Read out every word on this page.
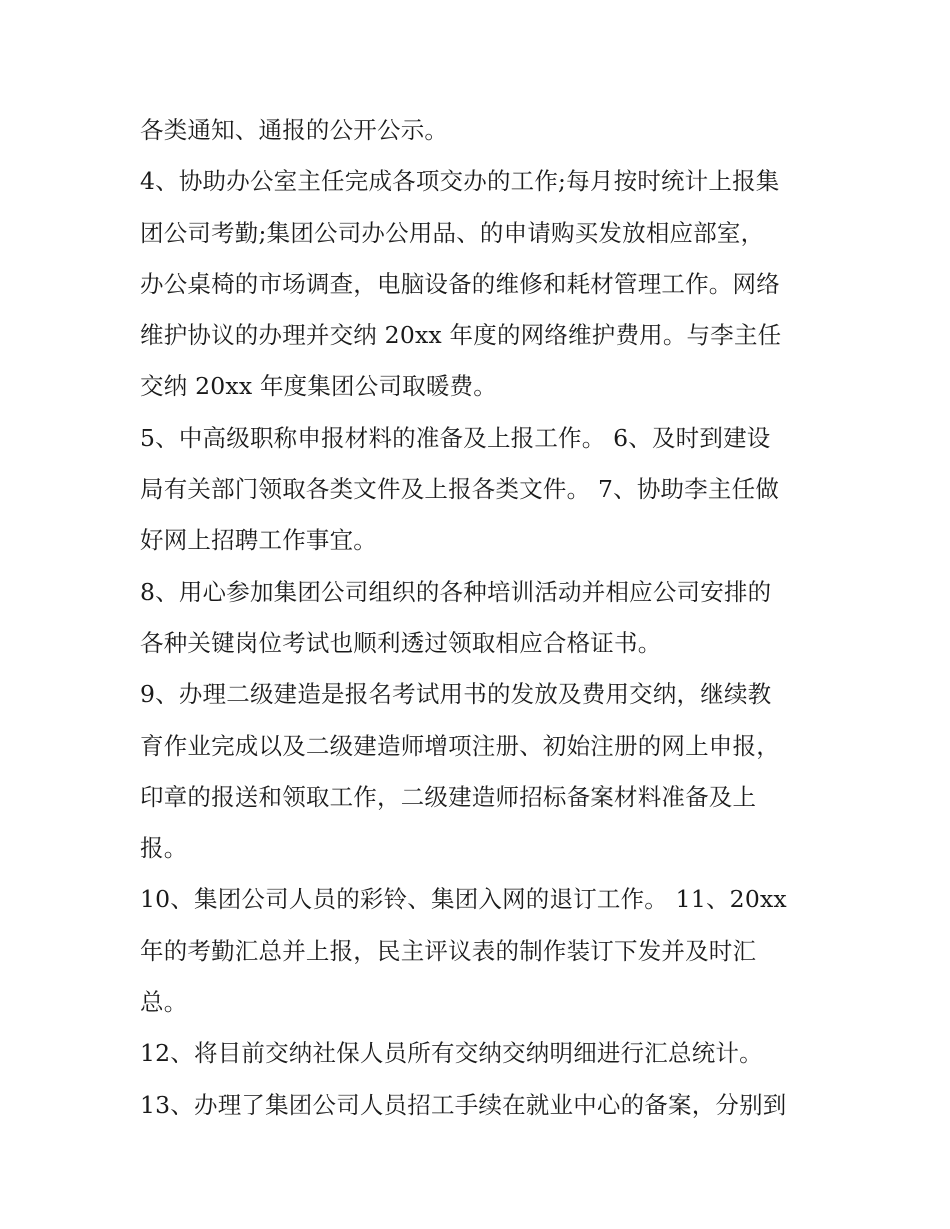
各类通知、通报的公开公示。
4、协助办公室主任完成各项交办的工作;每月按时统计上报集
团公司考勤;集团公司办公用品、的申请购买发放相应部室，
办公桌椅的市场调查，电脑设备的维修和耗材管理工作。网络
维护协议的办理并交纳 20xx 年度的网络维护费用。与李主任
交纳 20xx 年度集团公司取暖费。
5、中高级职称申报材料的准备及上报工作。 6、及时到建设
局有关部门领取各类文件及上报各类文件。 7、协助李主任做
好网上招聘工作事宜。
8、用心参加集团公司组织的各种培训活动并相应公司安排的
各种关键岗位考试也顺利透过领取相应合格证书。
9、办理二级建造是报名考试用书的发放及费用交纳，继续教
育作业完成以及二级建造师增项注册、初始注册的网上申报，
印章的报送和领取工作，二级建造师招标备案材料准备及上
报。
10、集团公司人员的彩铃、集团入网的退订工作。 11、20xx
年的考勤汇总并上报，民主评议表的制作装订下发并及时汇
总。
12、将目前交纳社保人员所有交纳交纳明细进行汇总统计。
13、办理了集团公司人员招工手续在就业中心的备案，分别到
